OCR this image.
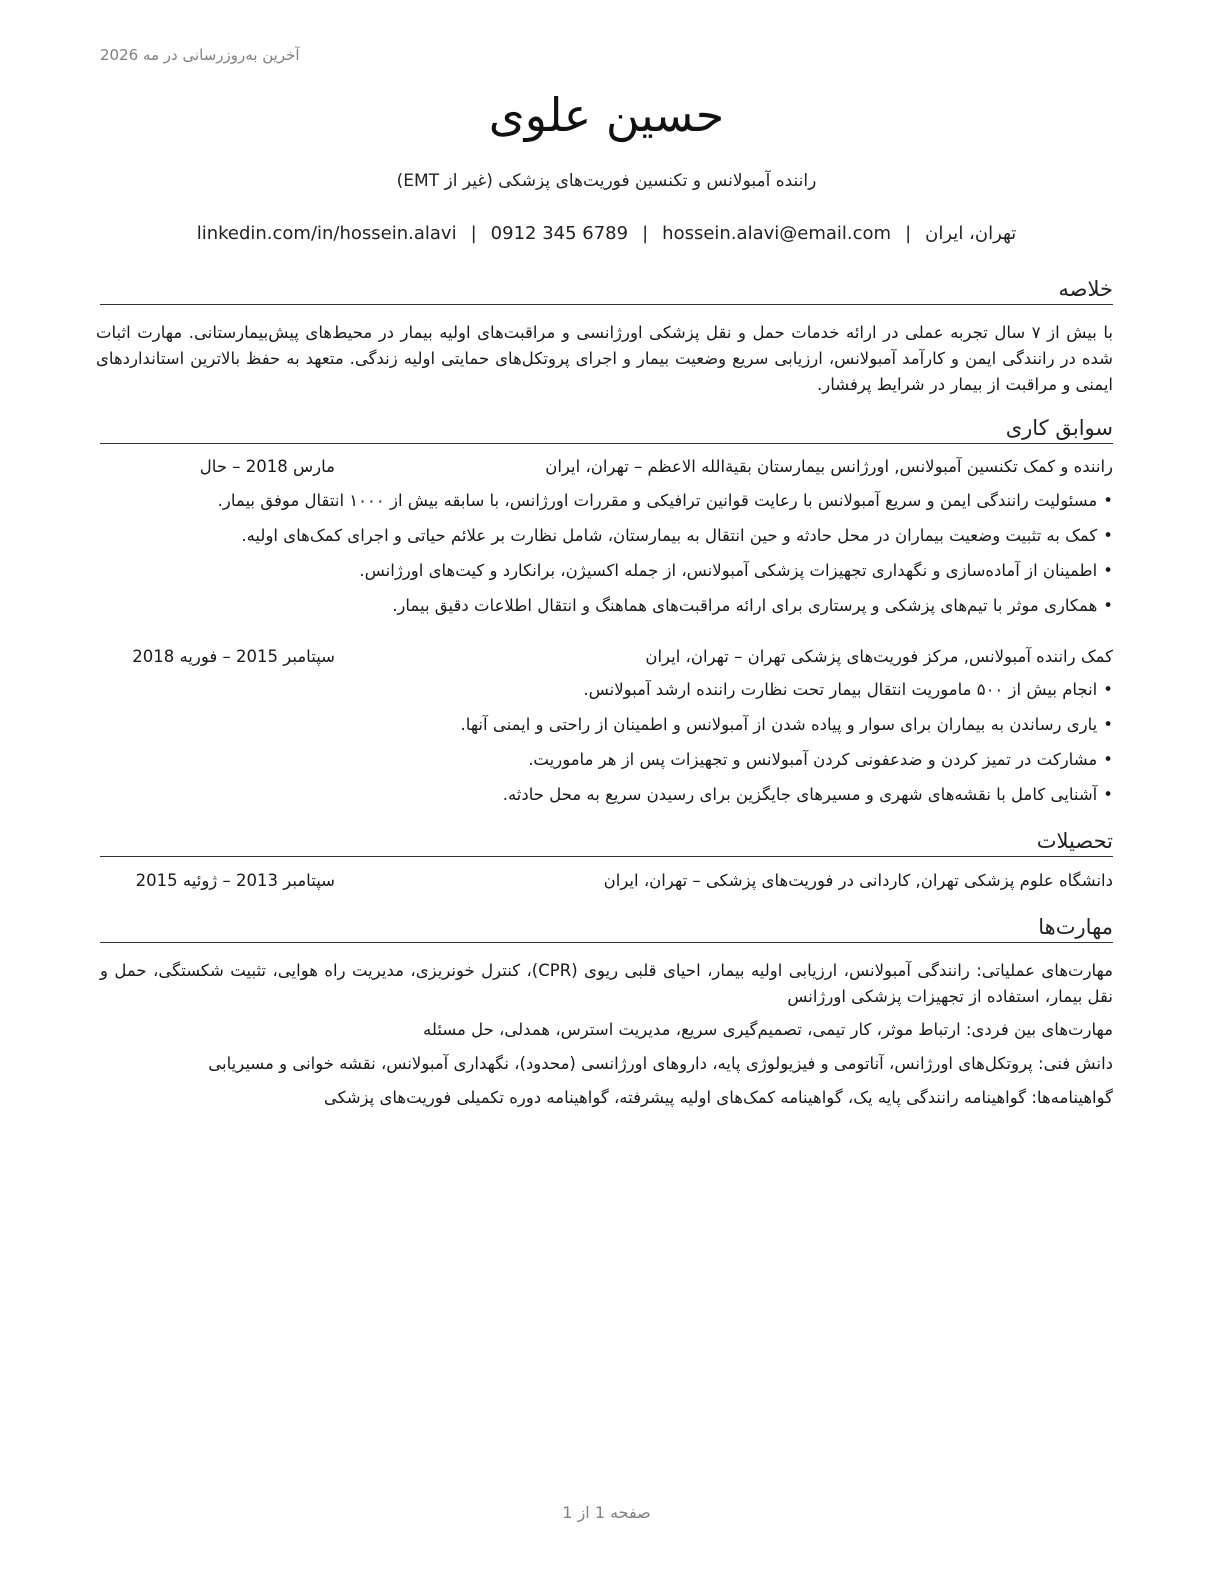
آخرین به‌روزرسانی در مه 2026
حسین علوی
راننده آمبولانس و تکنسین فوریت‌های پزشکی (غیر از EMT)
تهران، ایران|hossein.alavi@email.com|0912 345 6789|linkedin.com/in/hossein.alavi
خلاصه
با بیش از ۷ سال تجربه عملی در ارائه خدمات حمل و نقل پزشکی اورژانسی و مراقبت‌های اولیه بیمار در محیط‌های پیش‌بیمارستانی. مهارت اثبات شده در رانندگی ایمن و کارآمد آمبولانس، ارزیابی سریع وضعیت بیمار و اجرای پروتکل‌های حمایتی اولیه زندگی. متعهد به حفظ بالاترین استانداردهای ایمنی و مراقبت از بیمار در شرایط پرفشار.
سوابق کاری
راننده و کمک تکنسین آمبولانس, اورژانس بیمارستان بقیةالله الاعظم – تهران، ایران
مارس 2018 – حال
•مسئولیت رانندگی ایمن و سریع آمبولانس با رعایت قوانین ترافیکی و مقررات اورژانس، با سابقه بیش از ۱۰۰۰ انتقال موفق بیمار.
•کمک به تثبیت وضعیت بیماران در محل حادثه و حین انتقال به بیمارستان، شامل نظارت بر علائم حیاتی و اجرای کمک‌های اولیه.
•اطمینان از آماده‌سازی و نگهداری تجهیزات پزشکی آمبولانس، از جمله اکسیژن، برانکارد و کیت‌های اورژانس.
•همکاری موثر با تیم‌های پزشکی و پرستاری برای ارائه مراقبت‌های هماهنگ و انتقال اطلاعات دقیق بیمار.
کمک راننده آمبولانس, مرکز فوریت‌های پزشکی تهران – تهران، ایران
سپتامبر 2015 – فوریه 2018
•انجام بیش از ۵۰۰ ماموریت انتقال بیمار تحت نظارت راننده ارشد آمبولانس.
•یاری رساندن به بیماران برای سوار و پیاده شدن از آمبولانس و اطمینان از راحتی و ایمنی آنها.
•مشارکت در تمیز کردن و ضدعفونی کردن آمبولانس و تجهیزات پس از هر ماموریت.
•آشنایی کامل با نقشه‌های شهری و مسیرهای جایگزین برای رسیدن سریع به محل حادثه.
تحصیلات
دانشگاه علوم پزشکی تهران, کاردانی در فوریت‌های پزشکی – تهران، ایران
سپتامبر 2013 – ژوئیه 2015
مهارت‌ها
مهارت‌های عملیاتی: رانندگی آمبولانس، ارزیابی اولیه بیمار، احیای قلبی ریوی (CPR)، کنترل خونریزی، مدیریت راه هوایی، تثبیت شکستگی، حمل و نقل بیمار، استفاده از تجهیزات پزشکی اورژانس
مهارت‌های بین فردی: ارتباط موثر، کار تیمی، تصمیم‌گیری سریع، مدیریت استرس، همدلی، حل مسئله
دانش فنی: پروتکل‌های اورژانس، آناتومی و فیزیولوژی پایه، داروهای اورژانسی (محدود)، نگهداری آمبولانس، نقشه خوانی و مسیریابی
گواهینامه‌ها: گواهینامه رانندگی پایه یک، گواهینامه کمک‌های اولیه پیشرفته، گواهینامه دوره تکمیلی فوریت‌های پزشکی
صفحه 1 از 1
